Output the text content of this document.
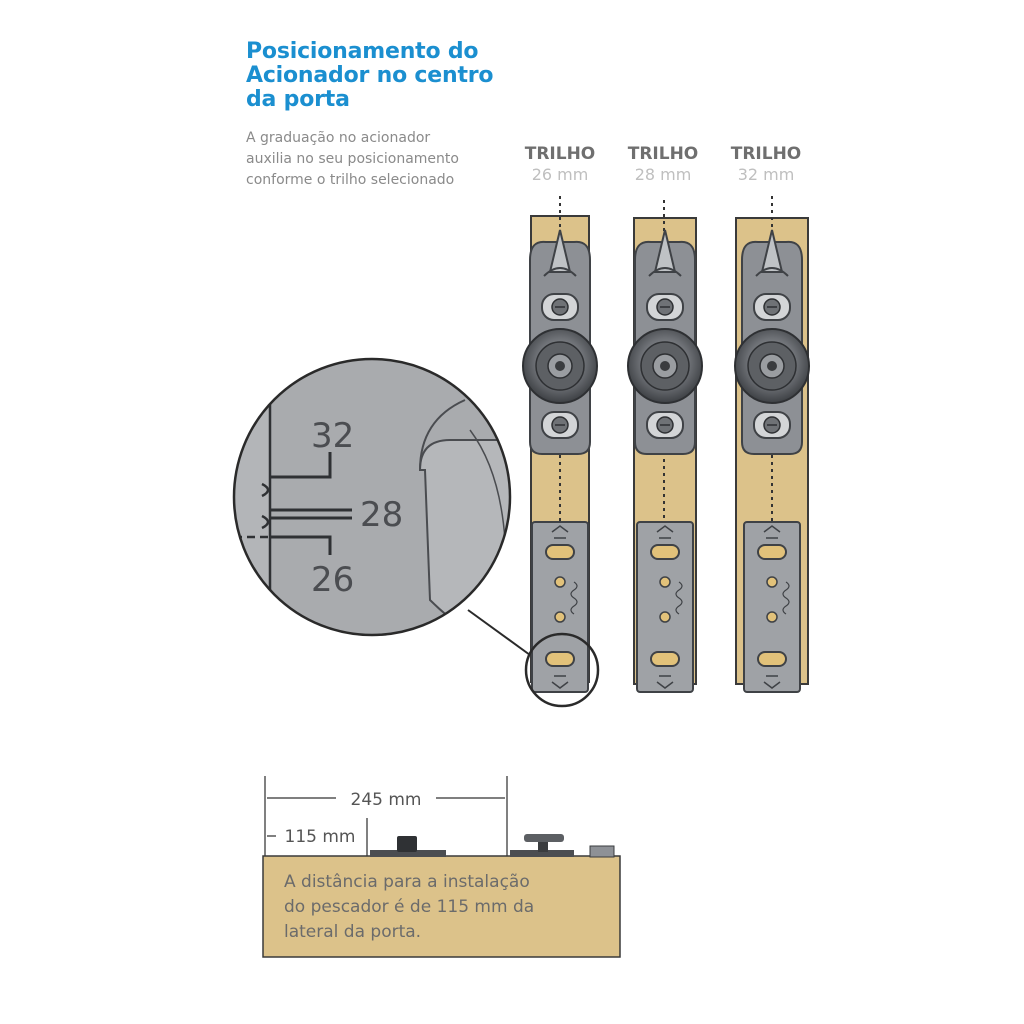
Posicionamento do
Acionador no centro
da porta
A graduação no acionador
auxilia no seu posicionamento
conforme o trilho selecionado
TRILHO
26 mm
TRILHO
28 mm
TRILHO
32 mm
32
28
26
245 mm
115 mm
A distância para a instalação
do pescador é de 115 mm da
lateral da porta.
